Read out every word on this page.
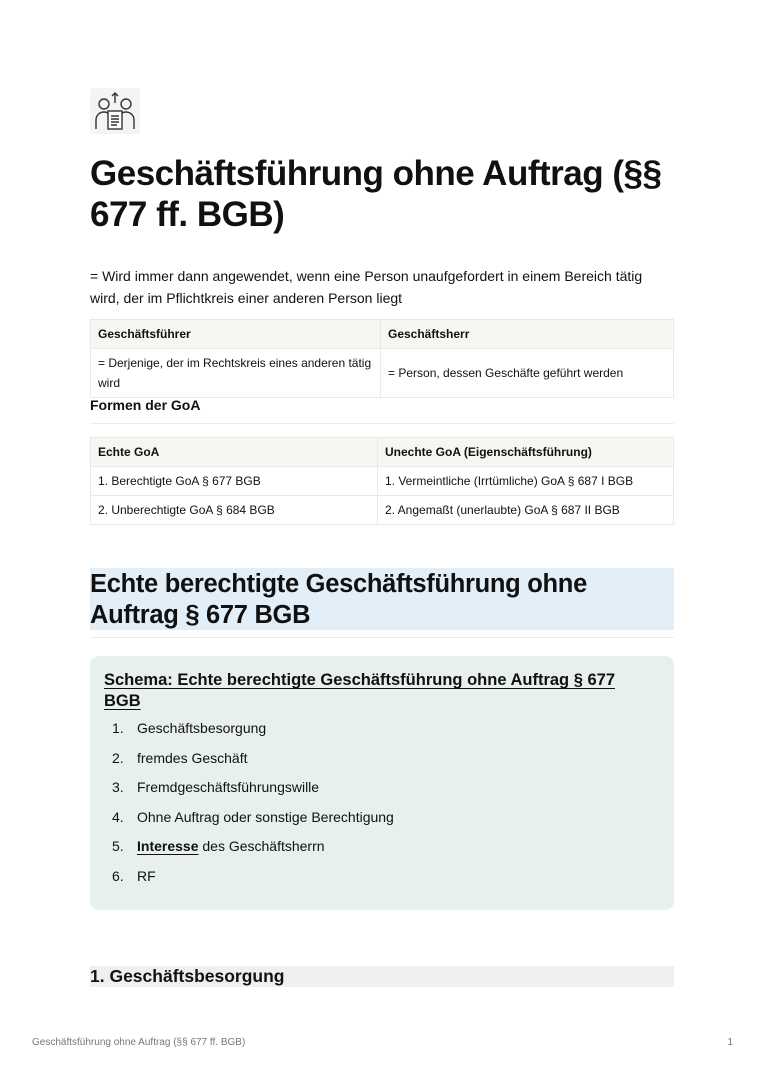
Geschäftsführung ohne Auftrag (§§ 677 ff. BGB)

= Wird immer dann angewendet, wenn eine Person unaufgefordert in einem Bereich tätig wird, der im Pflichtkreis einer anderen Person liegt

Geschäftsführer	Geschäftsherr
= Derjenige, der im Rechtskreis eines anderen tätig wird	= Person, dessen Geschäfte geführt werden
Formen der GoA
Echte GoA	Unechte GoA (Eigenschäftsführung)
1. Berechtigte GoA § 677 BGB	1. Vermeintliche (Irrtümliche) GoA § 687 I BGB
2. Unberechtigte GoA § 684 BGB	2. Angemaßt (unerlaubte) GoA § 687 II BGB
Echte berechtigte Geschäftsführung ohne Auftrag § 677 BGB
Schema: Echte berechtigte Geschäftsführung ohne Auftrag § 677 BGB
1. Geschäftsbesorgung
2. fremdes Geschäft
3. Fremdgeschäftsführungswille
4. Ohne Auftrag oder sonstige Berechtigung
5. Interesse des Geschäftsherrn
6. RF
1. Geschäftsbesorgung
Geschäftsführung ohne Auftrag (§§ 677 ff. BGB)	1
